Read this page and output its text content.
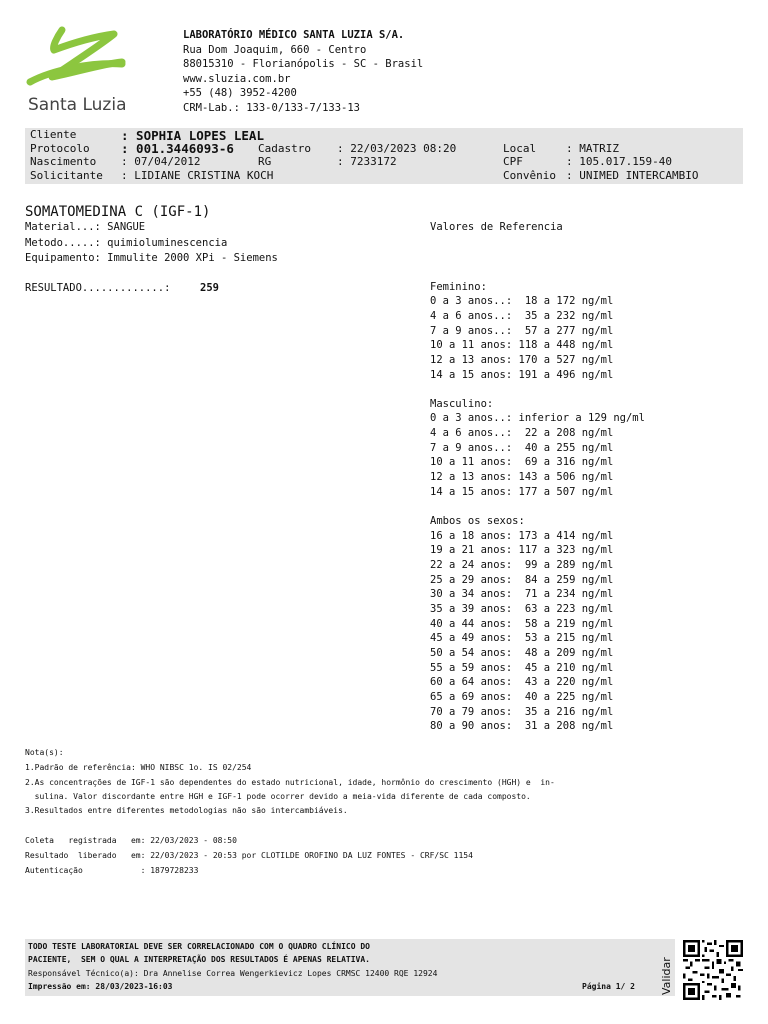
Santa Luzia
LABORATÓRIO MÉDICO SANTA LUZIA S/A.
Rua Dom Joaquim, 660 - Centro
88015310 - Florianópolis - SC - Brasil
www.sluzia.com.br
+55 (48) 3952-4200
CRM-Lab.: 133-0/133-7/133-13
Cliente	: SOPHIA LOPES LEAL
Protocolo	: 001.3446093-6 Cadastro : 22/03/2023 08:20	Local	: MATRIZ
Nascimento : 07/04/2012	RG	: 7233172	CPF	: 105.017.159-40
Solicitante : LIDIANE CRISTINA KOCH	Convênio : UNIMED INTERCAMBIO
SOMATOMEDINA C (IGF-1)
Material...: SANGUE
Metodo.....: quimioluminescencia
Equipamento: Immulite 2000 XPi - Siemens
RESULTADO.............:	259
Valores de Referencia
Feminino:
0 a 3 anos..:  18 a 172 ng/ml
4 a 6 anos..:  35 a 232 ng/ml
7 a 9 anos..:  57 a 277 ng/ml
10 a 11 anos: 118 a 448 ng/ml
12 a 13 anos: 170 a 527 ng/ml
14 a 15 anos: 191 a 496 ng/ml
Masculino:
0 a 3 anos..: inferior a 129 ng/ml
4 a 6 anos..:  22 a 208 ng/ml
7 a 9 anos..:  40 a 255 ng/ml
10 a 11 anos:  69 a 316 ng/ml
12 a 13 anos: 143 a 506 ng/ml
14 a 15 anos: 177 a 507 ng/ml
Ambos os sexos:
16 a 18 anos: 173 a 414 ng/ml
19 a 21 anos: 117 a 323 ng/ml
22 a 24 anos:  99 a 289 ng/ml
25 a 29 anos:  84 a 259 ng/ml
30 a 34 anos:  71 a 234 ng/ml
35 a 39 anos:  63 a 223 ng/ml
40 a 44 anos:  58 a 219 ng/ml
45 a 49 anos:  53 a 215 ng/ml
50 a 54 anos:  48 a 209 ng/ml
55 a 59 anos:  45 a 210 ng/ml
60 a 64 anos:  43 a 220 ng/ml
65 a 69 anos:  40 a 225 ng/ml
70 a 79 anos:  35 a 216 ng/ml
80 a 90 anos:  31 a 208 ng/ml
Nota(s):
1.Padrão de referência: WHO NIBSC 1o. IS 02/254
2.As concentrações de IGF-1 são dependentes do estado nutricional, idade, hormônio do crescimento (HGH) e  in-
sulina. Valor discordante entre HGH e IGF-1 pode ocorrer devido a meia-vida diferente de cada composto.
3.Resultados entre diferentes metodologias não são intercambiáveis.
Coleta   registrada   em: 22/03/2023 - 08:50
Resultado  liberado   em: 22/03/2023 - 20:53 por CLOTILDE OROFINO DA LUZ FONTES - CRF/SC 1154
Autenticação            : 1879728233
TODO TESTE LABORATORIAL DEVE SER CORRELACIONADO COM O QUADRO CLÍNICO DO
PACIENTE,  SEM O QUAL A INTERPRETAÇÃO DOS RESULTADOS É APENAS RELATIVA.
Responsável Técnico(a): Dra Annelise Correa Wengerkievicz Lopes CRMSC 12400 RQE 12924
Impressão em: 28/03/2023-16:03	Página 1/ 2 Validar
